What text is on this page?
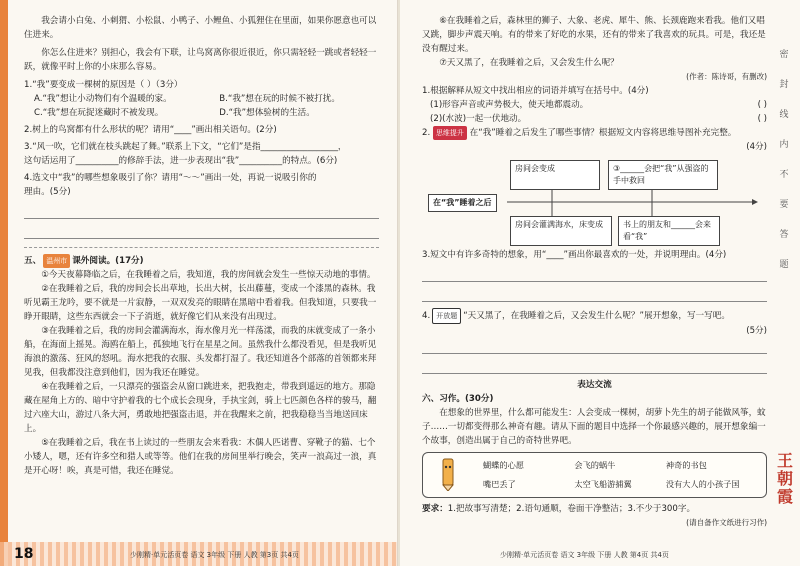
我会请小白兔、小刺猬、小松鼠、小鸭子、小鲤鱼、小狐狸住在里面，如果你愿意也可以住进来。

你怎么住进来？别担心，我会有下联，让鸟窝离你很近很近，你只需轻轻一跳或者轻轻一跃，就像平时上你的小床那么容易。

1.“我”要变成一棵树的原因是（ ）（3分）

A.“我”想让小动物们有个温暖的家。	B.“我”想在玩的时候不被打扰。
C.“我”想在玩捉迷藏时不被发现。	D.“我”想体验树的生活。

2.树上的鸟窝都有什么形状的呢？请用“____”画出相关语句。(2分)

3.“风一吹，它们就在枝头跳起了舞。”联系上下文，“它们”是指__________________，

这句话运用了__________的修辞手法，进一步表现出“我”__________的特点。(6分)

4.选文中“我”的哪些想象吸引了你？请用“～～”画出一处，再说一说吸引你的

理由。(5分)

五、 温州市 课外阅读。(17分)

①今天夜幕降临之后，在我睡着之后，我知道，我的房间就会发生一些惊天动地的事情。

②在我睡着之后，我的房间会长出草地，长出大树，长出藤蔓，变成一个漆黑的森林。我听见霸王龙吟，要不就是一片寂静，一双双发亮的眼睛在黑暗中看着我。但我知道，只要我一睁开眼睛，这些东西就会一下子消逝，就好像它们从来没有出现过。

③在我睡着之后，我的房间会灌满海水，海水像月光一样荡漾，而我的床就变成了一条小船，在海面上摇晃。海鸥在船上，孤独地飞行在星星之间。虽然我什么都没看见，但是我听见海浪的激荡、狂风的怒吼。海水把我的衣服、头发都打湿了。我还知道各个部落的首领都来拜见我，但我都没注意到他们，因为我还在睡觉。

④在我睡着之后，一只漂亮的强盗会从窗口跳进来，把我抱走，带我到遥远的地方。那隐藏在屋角上方的、暗中守护着我的七个成长会现身，手执宝剑，骑上七匹颜色各样的骏马，翻过六座大山，游过八条大河，勇敢地把强盗击退，并在我醒来之前，把我稳稳当当地送回床上。

⑤在我睡着之后，我在书上读过的一些朋友会来看我：木偶人匹诺曹、穿靴子的猫、七个小矮人，嗯，还有许多空和猎人或等等。他们在我的房间里举行晚会，笑声一浪高过一浪，真是开心呀！唉，真是可惜，我还在睡觉。

18	少刚精·单元活页卷 语文 3年级 下册 人教 第3页 共4页

⑥在我睡着之后，森林里的狮子、大象、老虎、犀牛、熊、长颈鹿跑来看我。他们又唱又跳，脚步声震天响。有的带来了好吃的水果，还有的带来了我喜欢的玩具。可是，我还是没有醒过来。

⑦天又黑了，在我睡着之后，又会发生什么呢？

(作者：陈诗哥，有删改)

1.根据解释从短文中找出相应的词语并填写在括号中。(4分)

(1)形容声音或声势极大，使天地都震动。	( )

(2)(水波)一起一伏地动。	( )

2. 思维提升 在“我”睡着之后发生了哪些事情？根据短文内容将思维导图补充完整。

(4分)

在“我”睡着之后
房间会变成	③______会把“我”从强盗的手中救回
房间会灌满海水，床变成	书上的朋友和______会来看“我”

3.短文中有许多奇特的想象，用“____”画出你最喜欢的一处，并说明理由。(4分)

4. 开放题 “天又黑了，在我睡着之后，又会发生什么呢？”展开想象，写一写吧。

(5分)

表达交流

六、习作。(30分)

在想象的世界里，什么都可能发生：人会变成一棵树，胡萝卜先生的胡子能做风筝，蚊子……一切都变得那么神奇有趣。请从下面的题目中选择一个你最感兴趣的，展开想象编一个故事，创造出属于自己的奇特世界吧。

蝴蝶的心愿	会飞的蜗牛	神奇的书包
嘴巴丢了	太空飞船游捕翼	没有大人的小孩子国

要求：1.把故事写清楚；2.语句通顺，卷面干净整洁；3.不少于300字。

(请自备作文纸进行习作)

密
封
线
内
不
要
答
题
王朝霞
少刚精·单元活页卷 语文 3年级 下册 人教 第4页 共4页
